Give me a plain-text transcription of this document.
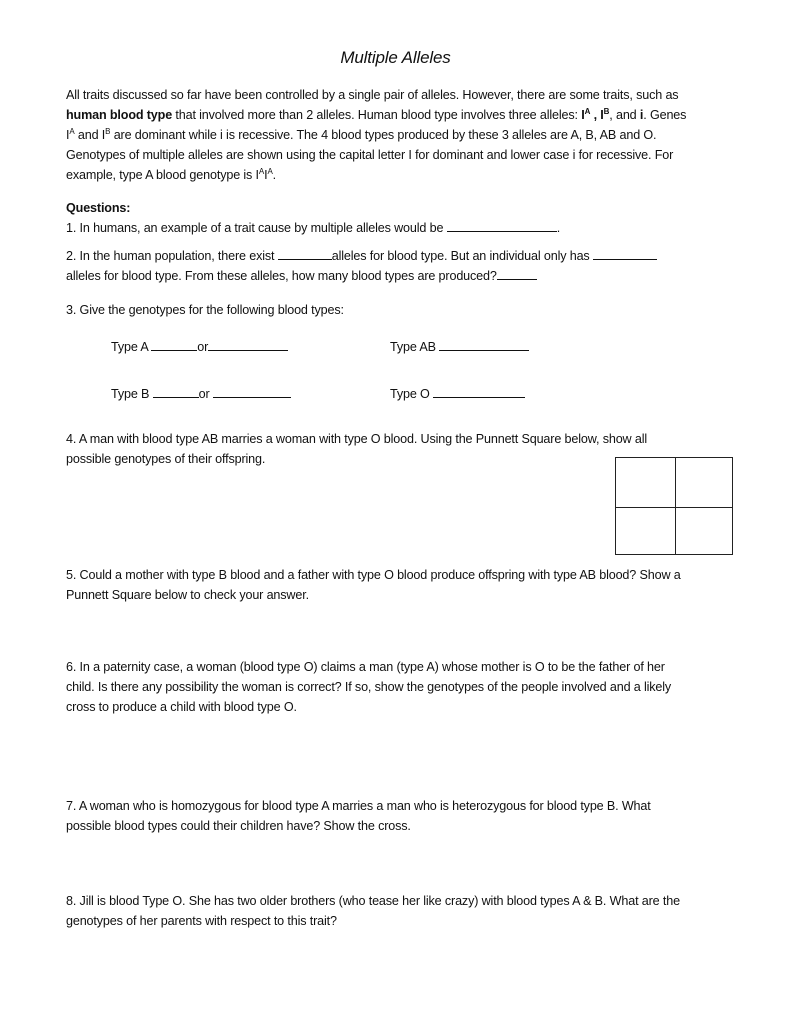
Multiple Alleles
All traits discussed so far have been controlled by a single pair of alleles. However, there are some traits, such as
human blood type that involved more than 2 alleles. Human blood type involves three alleles: $I^A$ , $I^B$, and i. Genes
$I^A$ and $I^B$ are dominant while i is recessive. The 4 blood types produced by these 3 alleles are A, B, AB and O.
Genotypes of multiple alleles are shown using the capital letter I for dominant and lower case i for recessive. For
example, type A blood genotype is $I^AI^A$.
Questions:
1. In humans, an example of a trait cause by multiple alleles would be	.
2. In the human population, there exist	alleles for blood type. But an individual only has
alleles for blood type. From these alleles, how many blood types are produced?
3. Give the genotypes for the following blood types:
Type A	or	Type AB
Type B	or	Type O
4. A man with blood type AB marries a woman with type O blood. Using the Punnett Square below, show all
possible genotypes of their offspring.
5. Could a mother with type B blood and a father with type O blood produce offspring with type AB blood? Show a
Punnett Square below to check your answer.
6. In a paternity case, a woman (blood type O) claims a man (type A) whose mother is O to be the father of her
child. Is there any possibility the woman is correct? If so, show the genotypes of the people involved and a likely
cross to produce a child with blood type O.
7. A woman who is homozygous for blood type A marries a man who is heterozygous for blood type B. What
possible blood types could their children have? Show the cross.
8. Jill is blood Type O. She has two older brothers (who tease her like crazy) with blood types A & B. What are the
genotypes of her parents with respect to this trait?
